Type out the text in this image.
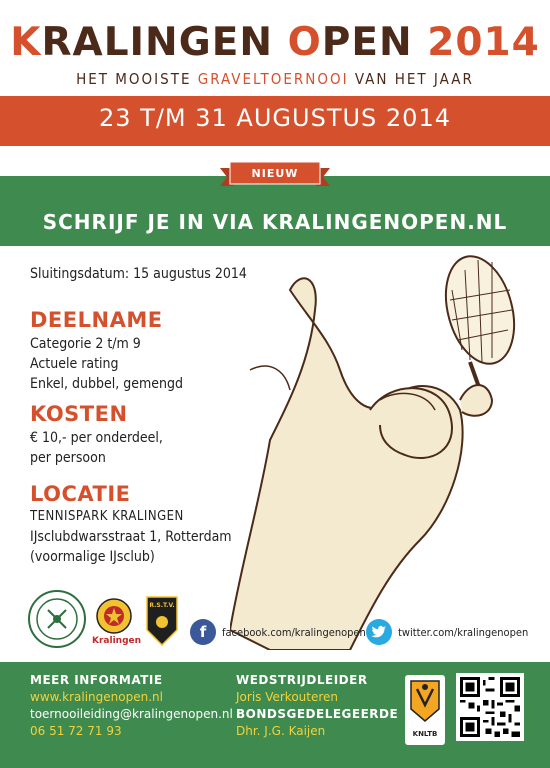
KRALINGEN OPEN 2014
HET MOOISTE GRAVELTOERNOOI VAN HET JAAR
23 T/M 31 AUGUSTUS 2014
NIEUW
SCHRIJF JE IN VIA KRALINGENOPEN.NL
Sluitingsdatum: 15 augustus 2014
DEELNAME
Categorie 2 t/m 9
Actuele rating
Enkel, dubbel, gemengd
KOSTEN
€ 10,- per onderdeel,
per persoon
LOCATIE
TENNISPARK KRALINGEN
IJsclubdwarsstraat 1, Rotterdam
(voormalige IJsclub)
Kralingen
R.S.T.V.
f	facebook.com/kralingenopen	twitter.com/kralingenopen
MEER INFORMATIE
www.kralingenopen.nl
toernooileiding@kralingenopen.nl
06 51 72 71 93
WEDSTRIJDLEIDER
Joris Verkouteren
BONDSGEDELEGEERDE
Dhr. J.G. Kaijen	KNLTB
